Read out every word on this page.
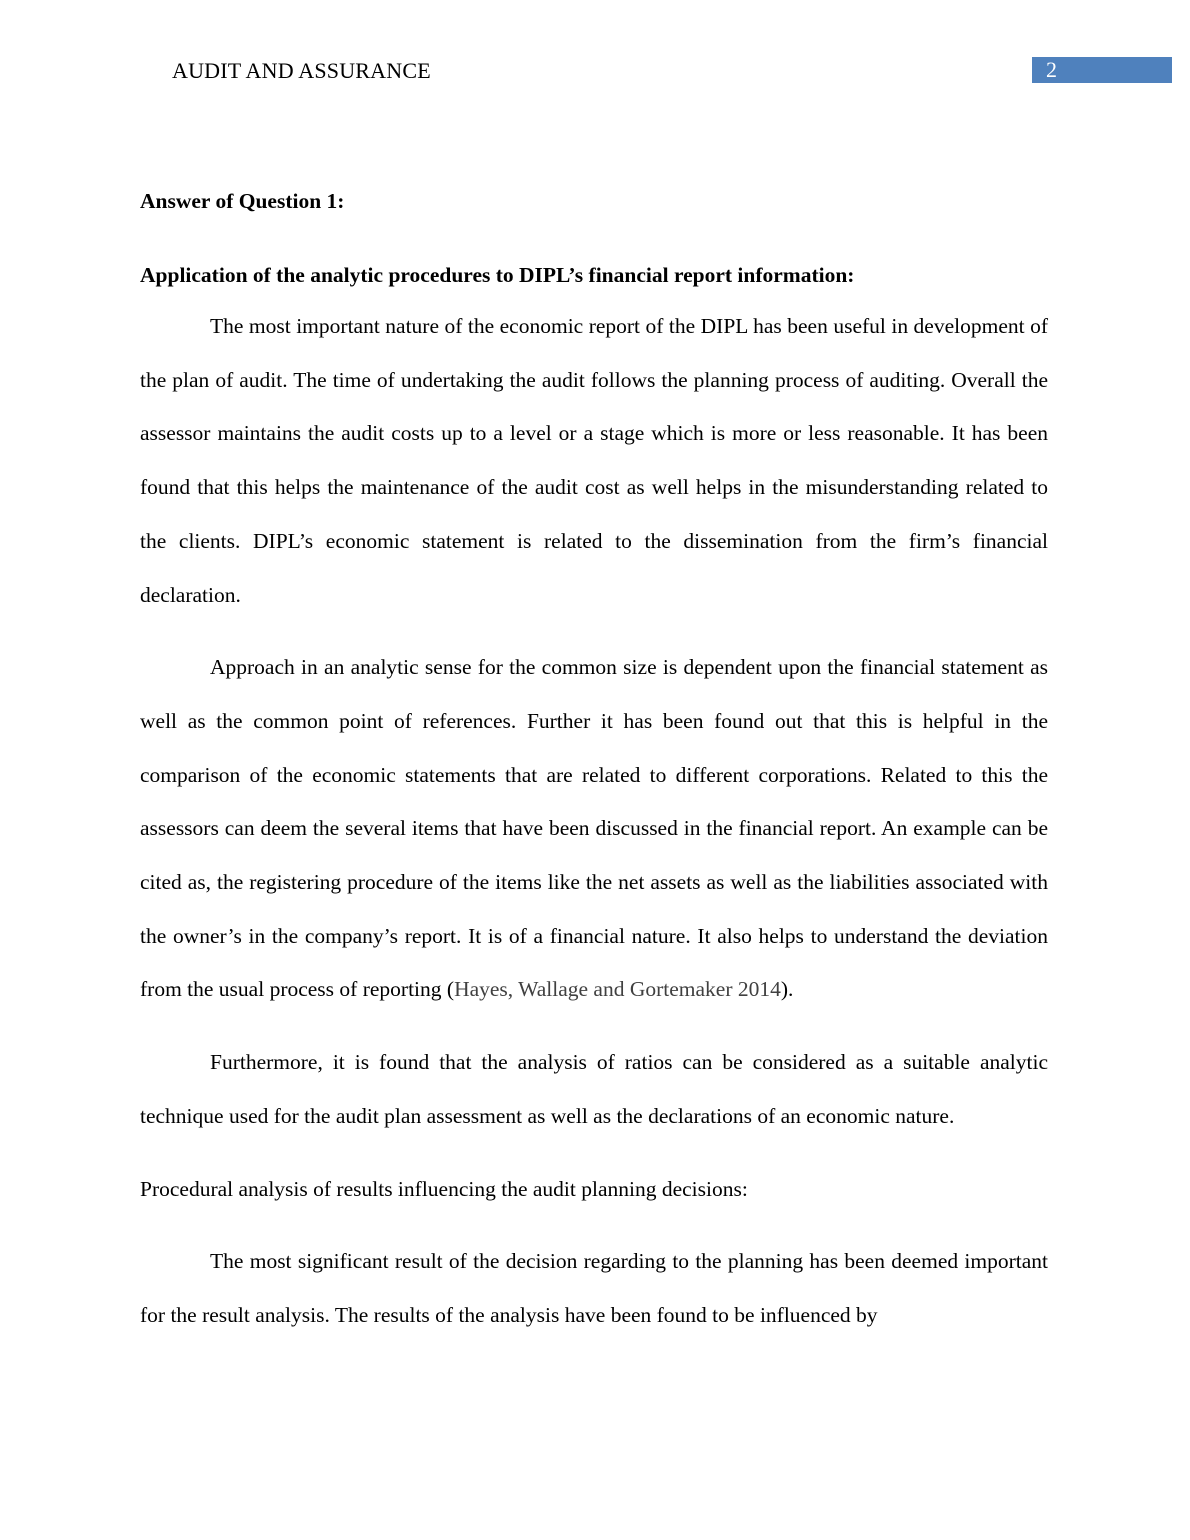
AUDIT AND ASSURANCE	2

Answer of Question 1:

Application of the analytic procedures to DIPL’s financial report information:

The most important nature of the economic report of the DIPL has been useful in development of the plan of audit. The time of undertaking the audit follows the planning process of auditing. Overall the assessor maintains the audit costs up to a level or a stage which is more or less reasonable. It has been found that this helps the maintenance of the audit cost as well helps in the misunderstanding related to the clients. DIPL’s economic statement is related to the dissemination from the firm’s financial declaration.

Approach in an analytic sense for the common size is dependent upon the financial statement as well as the common point of references. Further it has been found out that this is helpful in the comparison of the economic statements that are related to different corporations. Related to this the assessors can deem the several items that have been discussed in the financial report. An example can be cited as, the registering procedure of the items like the net assets as well as the liabilities associated with the owner’s in the company’s report. It is of a financial nature. It also helps to understand the deviation from the usual process of reporting (Hayes, Wallage and Gortemaker 2014).

Furthermore, it is found that the analysis of ratios can be considered as a suitable analytic technique used for the audit plan assessment as well as the declarations of an economic nature.

Procedural analysis of results influencing the audit planning decisions:

The most significant result of the decision regarding to the planning has been deemed important for the result analysis. The results of the analysis have been found to be influenced by
